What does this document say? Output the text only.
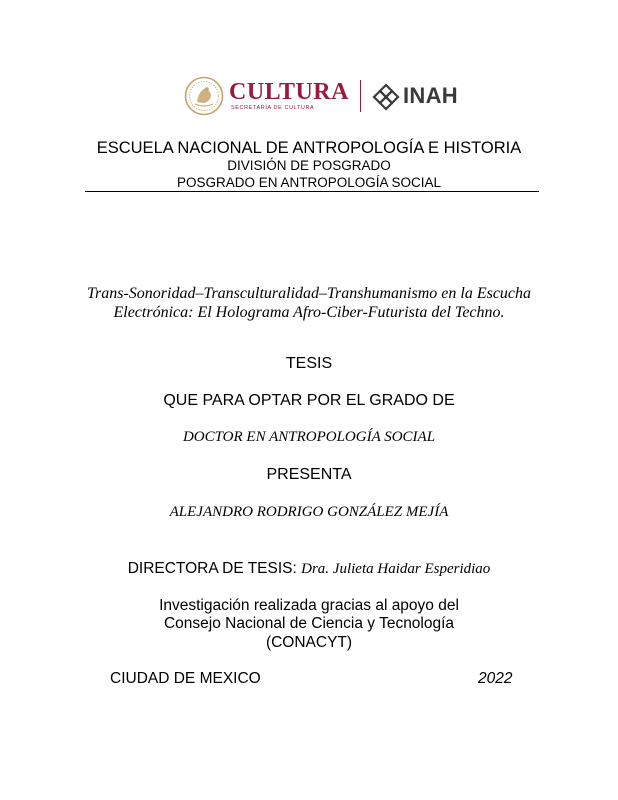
CULTURA
SECRETARÍA DE CULTURA	INAH
ESCUELA NACIONAL DE ANTROPOLOGÍA E HISTORIA
DIVISIÓN DE POSGRADO
POSGRADO EN ANTROPOLOGÍA SOCIAL
Trans-Sonoridad–Transculturalidad–Transhumanismo en la Escucha
Electrónica: El Holograma Afro-Ciber-Futurista del Techno.
TESIS
QUE PARA OPTAR POR EL GRADO DE
DOCTOR EN ANTROPOLOGÍA SOCIAL
PRESENTA
ALEJANDRO RODRIGO GONZÁLEZ MEJÍA
DIRECTORA DE TESIS: Dra. Julieta Haidar Esperidiao
Investigación realizada gracias al apoyo del
Consejo Nacional de Ciencia y Tecnología
(CONACYT)
CIUDAD DE MEXICO	2022
